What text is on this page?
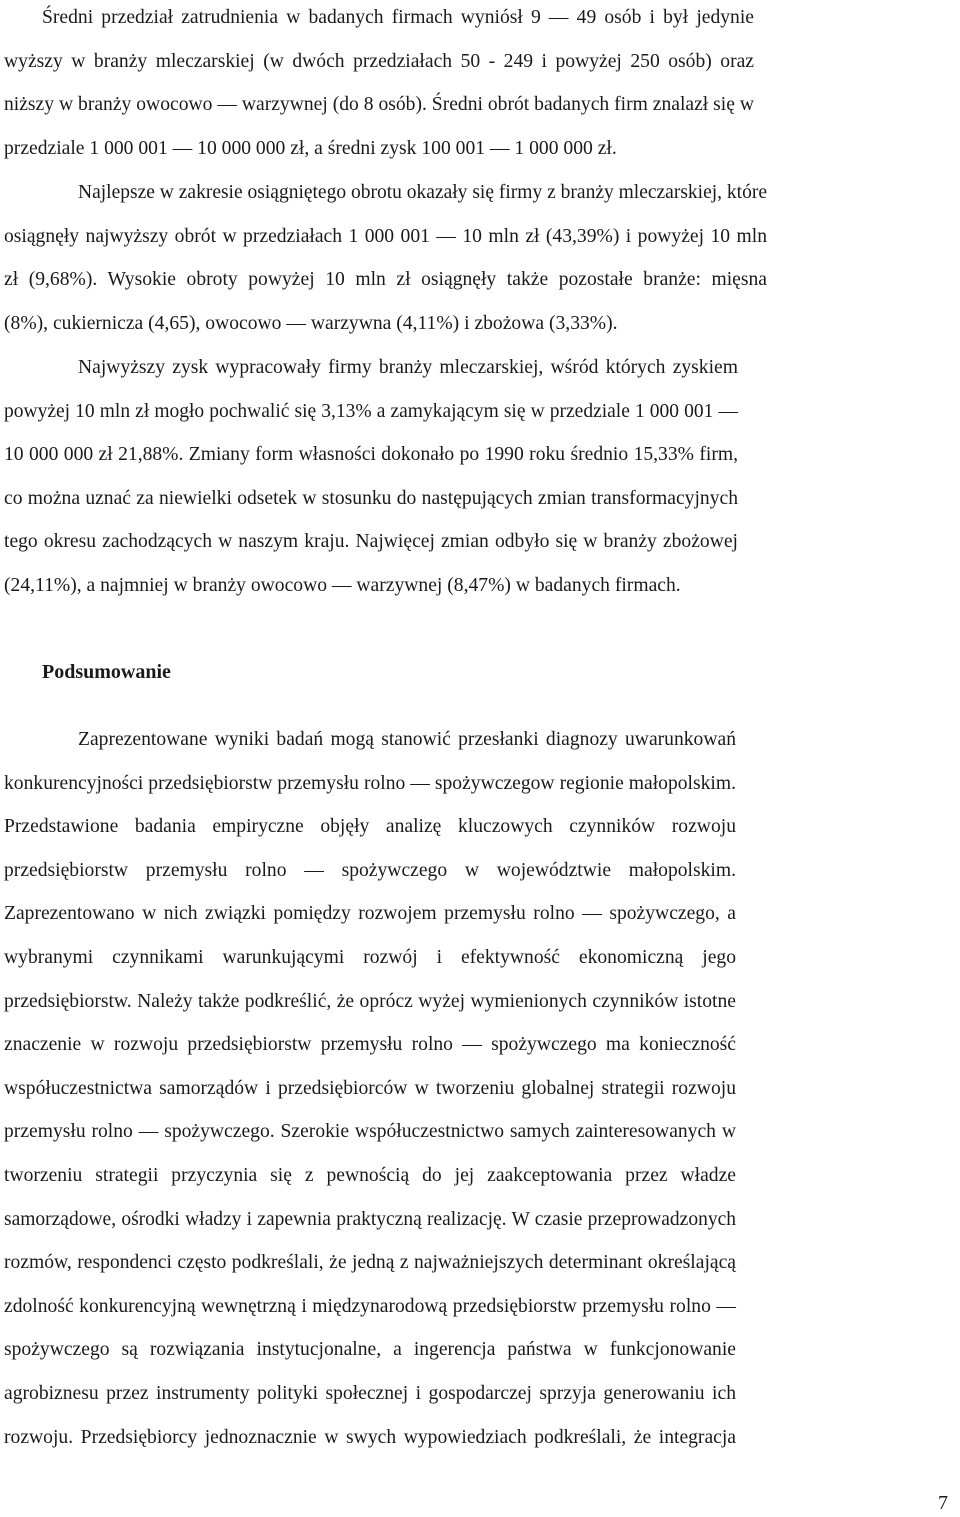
Średni przedział zatrudnienia w badanych firmach wyniósł 9 — 49 osób i był jedynie
wyższy w branży mleczarskiej (w dwóch przedziałach 50 - 249 i powyżej 250 osób) oraz
niższy w branży owocowo — warzywnej (do 8 osób). Średni obrót badanych firm znalazł się w
przedziale 1 000 001 — 10 000 000 zł, a średni zysk 100 001 — 1 000 000 zł.
Najlepsze w zakresie osiągniętego obrotu okazały się firmy z branży mleczarskiej, które
osiągnęły najwyższy obrót w przedziałach 1 000 001 — 10 mln zł (43,39%) i powyżej 10 mln
zł (9,68%). Wysokie obroty powyżej 10 mln zł osiągnęły także pozostałe branże: mięsna
(8%), cukiernicza (4,65), owocowo — warzywna (4,11%) i zbożowa (3,33%).
Najwyższy zysk wypracowały firmy branży mleczarskiej, wśród których zyskiem
powyżej 10 mln zł mogło pochwalić się 3,13% a zamykającym się w przedziale 1 000 001 —
10 000 000 zł 21,88%. Zmiany form własności dokonało po 1990 roku średnio 15,33% firm,
co można uznać za niewielki odsetek w stosunku do następujących zmian transformacyjnych
tego okresu zachodzących w naszym kraju. Najwięcej zmian odbyło się w branży zbożowej
(24,11%), a najmniej w branży owocowo — warzywnej (8,47%) w badanych firmach.
Podsumowanie
Zaprezentowane wyniki badań mogą stanowić przesłanki diagnozy uwarunkowań
konkurencyjności przedsiębiorstw przemysłu rolno — spożywczegow regionie małopolskim.
Przedstawione badania empiryczne objęły analizę kluczowych czynników rozwoju
przedsiębiorstw przemysłu rolno — spożywczego w województwie małopolskim.
Zaprezentowano w nich związki pomiędzy rozwojem przemysłu rolno — spożywczego, a
wybranymi czynnikami warunkującymi rozwój i efektywność ekonomiczną jego
przedsiębiorstw. Należy także podkreślić, że oprócz wyżej wymienionych czynników istotne
znaczenie w rozwoju przedsiębiorstw przemysłu rolno — spożywczego ma konieczność
współuczestnictwa samorządów i przedsiębiorców w tworzeniu globalnej strategii rozwoju
przemysłu rolno — spożywczego. Szerokie współuczestnictwo samych zainteresowanych w
tworzeniu strategii przyczynia się z pewnością do jej zaakceptowania przez władze
samorządowe, ośrodki władzy i zapewnia praktyczną realizację. W czasie przeprowadzonych
rozmów, respondenci często podkreślali, że jedną z najważniejszych determinant określającą
zdolność konkurencyjną wewnętrzną i międzynarodową przedsiębiorstw przemysłu rolno —
spożywczego są rozwiązania instytucjonalne, a ingerencja państwa w funkcjonowanie
agrobiznesu przez instrumenty polityki społecznej i gospodarczej sprzyja generowaniu ich
rozwoju. Przedsiębiorcy jednoznacznie w swych wypowiedziach podkreślali, że integracja
7
